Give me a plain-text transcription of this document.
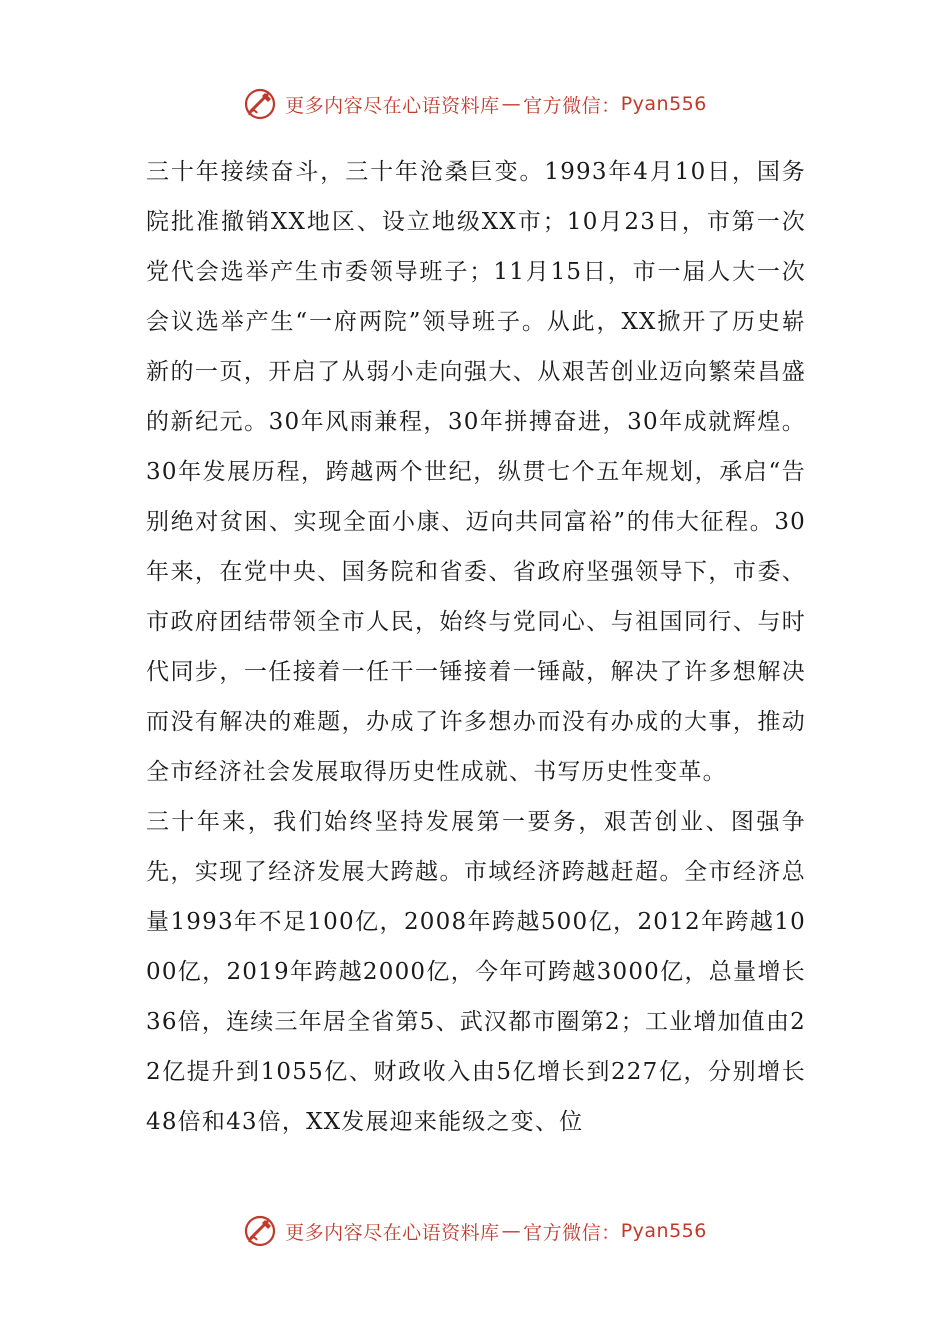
更多内容尽在心语资料库 — 官方微信： Pyan556

三十年接续奋斗，三十年沧桑巨变。1993年4月10日，国务院批准撤销XX地区、设立地级XX市；10月23日，市第一次党代会选举产生市委领导班子；11月15日，市一届人大一次会议选举产生“一府两院”领导班子。从此，XX掀开了历史崭新的一页，开启了从弱小走向强大、从艰苦创业迈向繁荣昌盛的新纪元。30年风雨兼程，30年拼搏奋进，30年成就辉煌。30年发展历程，跨越两个世纪，纵贯七个五年规划，承启“告别绝对贫困、实现全面小康、迈向共同富裕”的伟大征程。30年来，在党中央、国务院和省委、省政府坚强领导下，市委、市政府团结带领全市人民，始终与党同心、与祖国同行、与时代同步，一任接着一任干一锤接着一锤敲，解决了许多想解决而没有解决的难题，办成了许多想办而没有办成的大事，推动全市经济社会发展取得历史性成就、书写历史性变革。

三十年来，我们始终坚持发展第一要务，艰苦创业、图强争先，实现了经济发展大跨越。市域经济跨越赶超。全市经济总量1993年不足100亿，2008年跨越500亿，2012年跨越1000亿，2019年跨越2000亿，今年可跨越3000亿，总量增长36倍，连续三年居全省第5、武汉都市圈第2；工业增加值由22亿提升到1055亿、财政收入由5亿增长到227亿，分别增长48倍和43倍，XX发展迎来能级之变、位

更多内容尽在心语资料库 — 官方微信： Pyan556
